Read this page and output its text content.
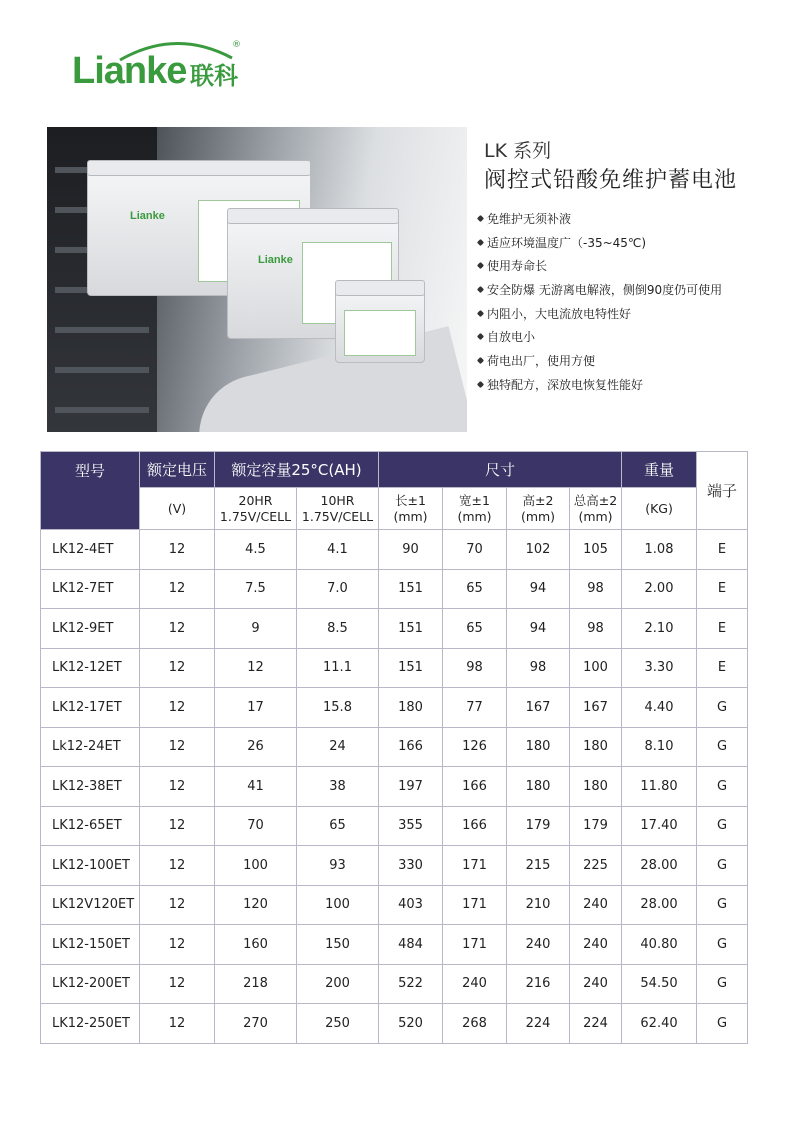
Lianke 联科
®
Lianke
Lianke
LK 系列
阀控式铅酸免维护蓄电池
免维护无须补液
适应环境温度广（-35~45℃)
使用寿命长
安全防爆 无游离电解液，侧倒90度仍可使用
内阻小，大电流放电特性好
自放电小
荷电出厂，使用方便
独特配方，深放电恢复性能好
型号	额定电压	额定容量25°C(AH)		尺寸				重量	端子
	(V)	20HR 1.75V/CELL	10HR 1.75V/CELL	长±1 (mm)	宽±1 (mm)	高±2 (mm)	总高±2 (mm)	(KG)	
LK12-4ET	12	4.5	4.1	90	70	102	105	1.08	E
LK12-7ET	12	7.5	7.0	151	65	94	98	2.00	E
LK12-9ET	12	9	8.5	151	65	94	98	2.10	E
LK12-12ET	12	12	11.1	151	98	98	100	3.30	E
LK12-17ET	12	17	15.8	180	77	167	167	4.40	G
Lk12-24ET	12	26	24	166	126	180	180	8.10	G
LK12-38ET	12	41	38	197	166	180	180	11.80	G
LK12-65ET	12	70	65	355	166	179	179	17.40	G
LK12-100ET	12	100	93	330	171	215	225	28.00	G
LK12V120ET	12	120	100	403	171	210	240	28.00	G
LK12-150ET	12	160	150	484	171	240	240	40.80	G
LK12-200ET	12	218	200	522	240	216	240	54.50	G
LK12-250ET	12	270	250	520	268	224	224	62.40	G
